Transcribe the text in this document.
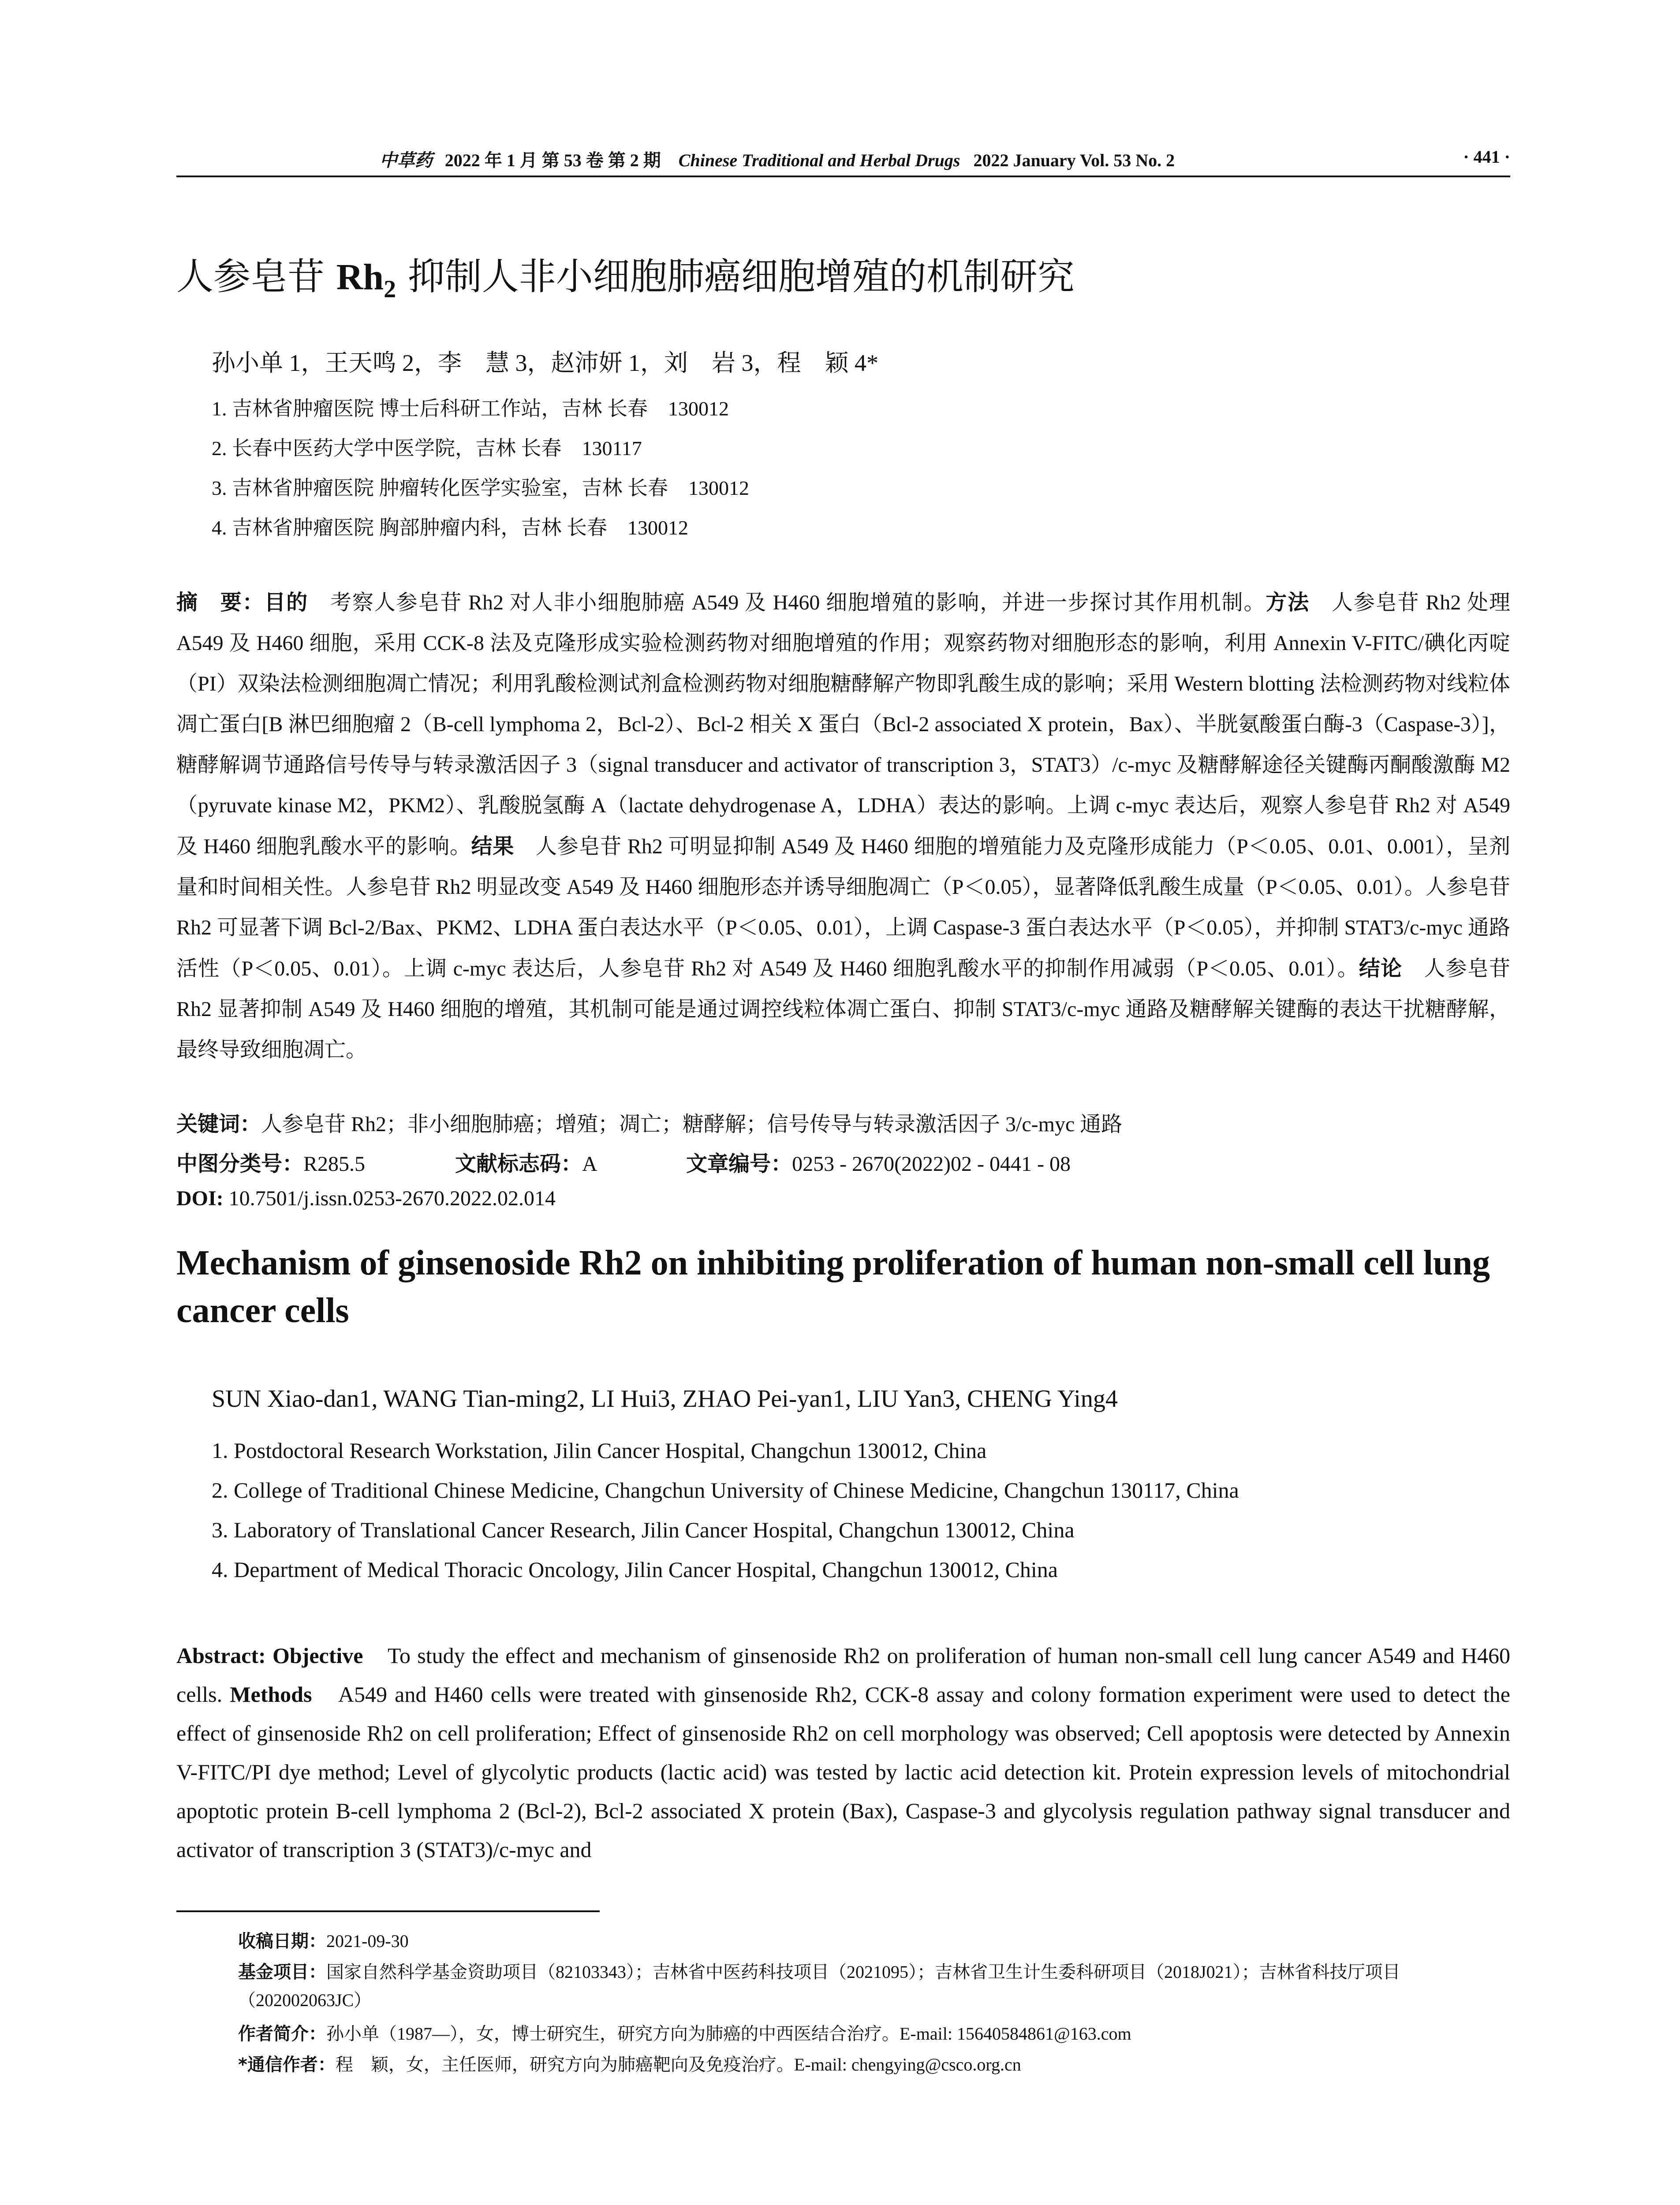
中草药 2022 年 1 月 第 53 卷 第 2 期 Chinese Traditional and Herbal Drugs 2022 January Vol. 53 No. 2	· 441 ·
人参皂苷 $Rh_2$ 抑制人非小细胞肺癌细胞增殖的机制研究
孙小单 1，王天鸣 2，李　慧 3，赵沛妍 1，刘　岩 3，程　颖 4*
1. 吉林省肿瘤医院 博士后科研工作站，吉林 长春　130012
2. 长春中医药大学中医学院，吉林 长春　130117
3. 吉林省肿瘤医院 肿瘤转化医学实验室，吉林 长春　130012
4. 吉林省肿瘤医院 胸部肿瘤内科，吉林 长春　130012
摘　要：目的　考察人参皂苷 Rh2 对人非小细胞肺癌 A549 及 H460 细胞增殖的影响，并进一步探讨其作用机制。方法　人参皂苷 Rh2 处理 A549 及 H460 细胞，采用 CCK-8 法及克隆形成实验检测药物对细胞增殖的作用；观察药物对细胞形态的影响，利用 Annexin V-FITC/碘化丙啶（PI）双染法检测细胞凋亡情况；利用乳酸检测试剂盒检测药物对细胞糖酵解产物即乳酸生成的影响；采用 Western blotting 法检测药物对线粒体凋亡蛋白[B 淋巴细胞瘤 2（B-cell lymphoma 2，Bcl-2）、Bcl-2 相关 X 蛋白（Bcl-2 associated X protein，Bax）、半胱氨酸蛋白酶-3（Caspase-3）]，糖酵解调节通路信号传导与转录激活因子 3（signal transducer and activator of transcription 3，STAT3）/c-myc 及糖酵解途径关键酶丙酮酸激酶 M2（pyruvate kinase M2，PKM2）、乳酸脱氢酶 A（lactate dehydrogenase A，LDHA）表达的影响。上调 c-myc 表达后，观察人参皂苷 Rh2 对 A549 及 H460 细胞乳酸水平的影响。结果　人参皂苷 Rh2 可明显抑制 A549 及 H460 细胞的增殖能力及克隆形成能力（P＜0.05、0.01、0.001），呈剂量和时间相关性。人参皂苷 Rh2 明显改变 A549 及 H460 细胞形态并诱导细胞凋亡（P＜0.05），显著降低乳酸生成量（P＜0.05、0.01）。人参皂苷 Rh2 可显著下调 Bcl-2/Bax、PKM2、LDHA 蛋白表达水平（P＜0.05、0.01），上调 Caspase-3 蛋白表达水平（P＜0.05），并抑制 STAT3/c-myc 通路活性（P＜0.05、0.01）。上调 c-myc 表达后，人参皂苷 Rh2 对 A549 及 H460 细胞乳酸水平的抑制作用减弱（P＜0.05、0.01）。结论　人参皂苷 Rh2 显著抑制 A549 及 H460 细胞的增殖，其机制可能是通过调控线粒体凋亡蛋白、抑制 STAT3/c-myc 通路及糖酵解关键酶的表达干扰糖酵解，最终导致细胞凋亡。
关键词：人参皂苷 Rh2；非小细胞肺癌；增殖；凋亡；糖酵解；信号传导与转录激活因子 3/c-myc 通路
中图分类号：R285.5	文献标志码：A	文章编号：0253 - 2670(2022)02 - 0441 - 08
DOI: 10.7501/j.issn.0253-2670.2022.02.014
Mechanism of ginsenoside Rh2 on inhibiting proliferation of human non-small cell lung cancer cells
SUN Xiao-dan1, WANG Tian-ming2, LI Hui3, ZHAO Pei-yan1, LIU Yan3, CHENG Ying4
1. Postdoctoral Research Workstation, Jilin Cancer Hospital, Changchun 130012, China
2. College of Traditional Chinese Medicine, Changchun University of Chinese Medicine, Changchun 130117, China
3. Laboratory of Translational Cancer Research, Jilin Cancer Hospital, Changchun 130012, China
4. Department of Medical Thoracic Oncology, Jilin Cancer Hospital, Changchun 130012, China
Abstract: Objective　To study the effect and mechanism of ginsenoside Rh2 on proliferation of human non-small cell lung cancer A549 and H460 cells. Methods　A549 and H460 cells were treated with ginsenoside Rh2, CCK-8 assay and colony formation experiment were used to detect the effect of ginsenoside Rh2 on cell proliferation; Effect of ginsenoside Rh2 on cell morphology was observed; Cell apoptosis were detected by Annexin V-FITC/PI dye method; Level of glycolytic products (lactic acid) was tested by lactic acid detection kit. Protein expression levels of mitochondrial apoptotic protein B-cell lymphoma 2 (Bcl-2), Bcl-2 associated X protein (Bax), Caspase-3 and glycolysis regulation pathway signal transducer and activator of transcription 3 (STAT3)/c-myc and
收稿日期：2021-09-30
基金项目：国家自然科学基金资助项目（82103343）；吉林省中医药科技项目（2021095）；吉林省卫生计生委科研项目（2018J021）；吉林省科技厅项目（202002063JC）
作者简介：孙小单（1987—），女，博士研究生，研究方向为肺癌的中西医结合治疗。E-mail: 15640584861@163.com
*通信作者：程　颖，女，主任医师，研究方向为肺癌靶向及免疫治疗。E-mail: chengying@csco.org.cn
